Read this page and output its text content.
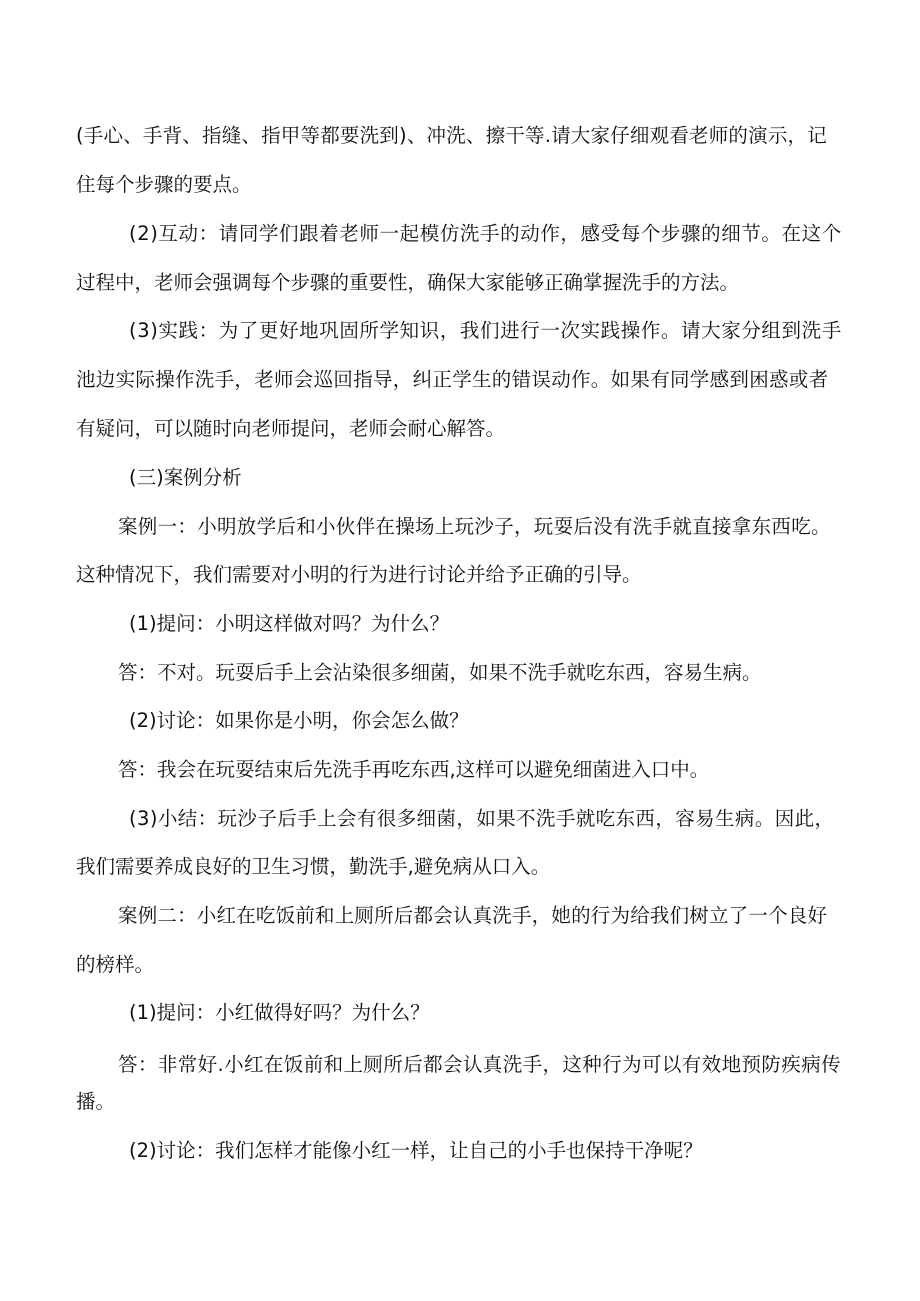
(手心、手背、指缝、指甲等都要洗到)、冲洗、擦干等.请大家仔细观看老师的演示，记
住每个步骤的要点。
(2)互动：请同学们跟着老师一起模仿洗手的动作，感受每个步骤的细节。在这个
过程中，老师会强调每个步骤的重要性，确保大家能够正确掌握洗手的方法。
(3)实践：为了更好地巩固所学知识，我们进行一次实践操作。请大家分组到洗手
池边实际操作洗手，老师会巡回指导，纠正学生的错误动作。如果有同学感到困惑或者
有疑问，可以随时向老师提问，老师会耐心解答。
(三)案例分析
案例一：小明放学后和小伙伴在操场上玩沙子，玩耍后没有洗手就直接拿东西吃。
这种情况下，我们需要对小明的行为进行讨论并给予正确的引导。
(1)提问：小明这样做对吗？为什么？
答：不对。玩耍后手上会沾染很多细菌，如果不洗手就吃东西，容易生病。
(2)讨论：如果你是小明，你会怎么做？
答：我会在玩耍结束后先洗手再吃东西,这样可以避免细菌进入口中。
(3)小结：玩沙子后手上会有很多细菌，如果不洗手就吃东西，容易生病。因此，
我们需要养成良好的卫生习惯，勤洗手,避免病从口入。
案例二：小红在吃饭前和上厕所后都会认真洗手，她的行为给我们树立了一个良好
的榜样。
(1)提问：小红做得好吗？为什么？
答：非常好.小红在饭前和上厕所后都会认真洗手，这种行为可以有效地预防疾病传
播。
(2)讨论：我们怎样才能像小红一样，让自己的小手也保持干净呢？
